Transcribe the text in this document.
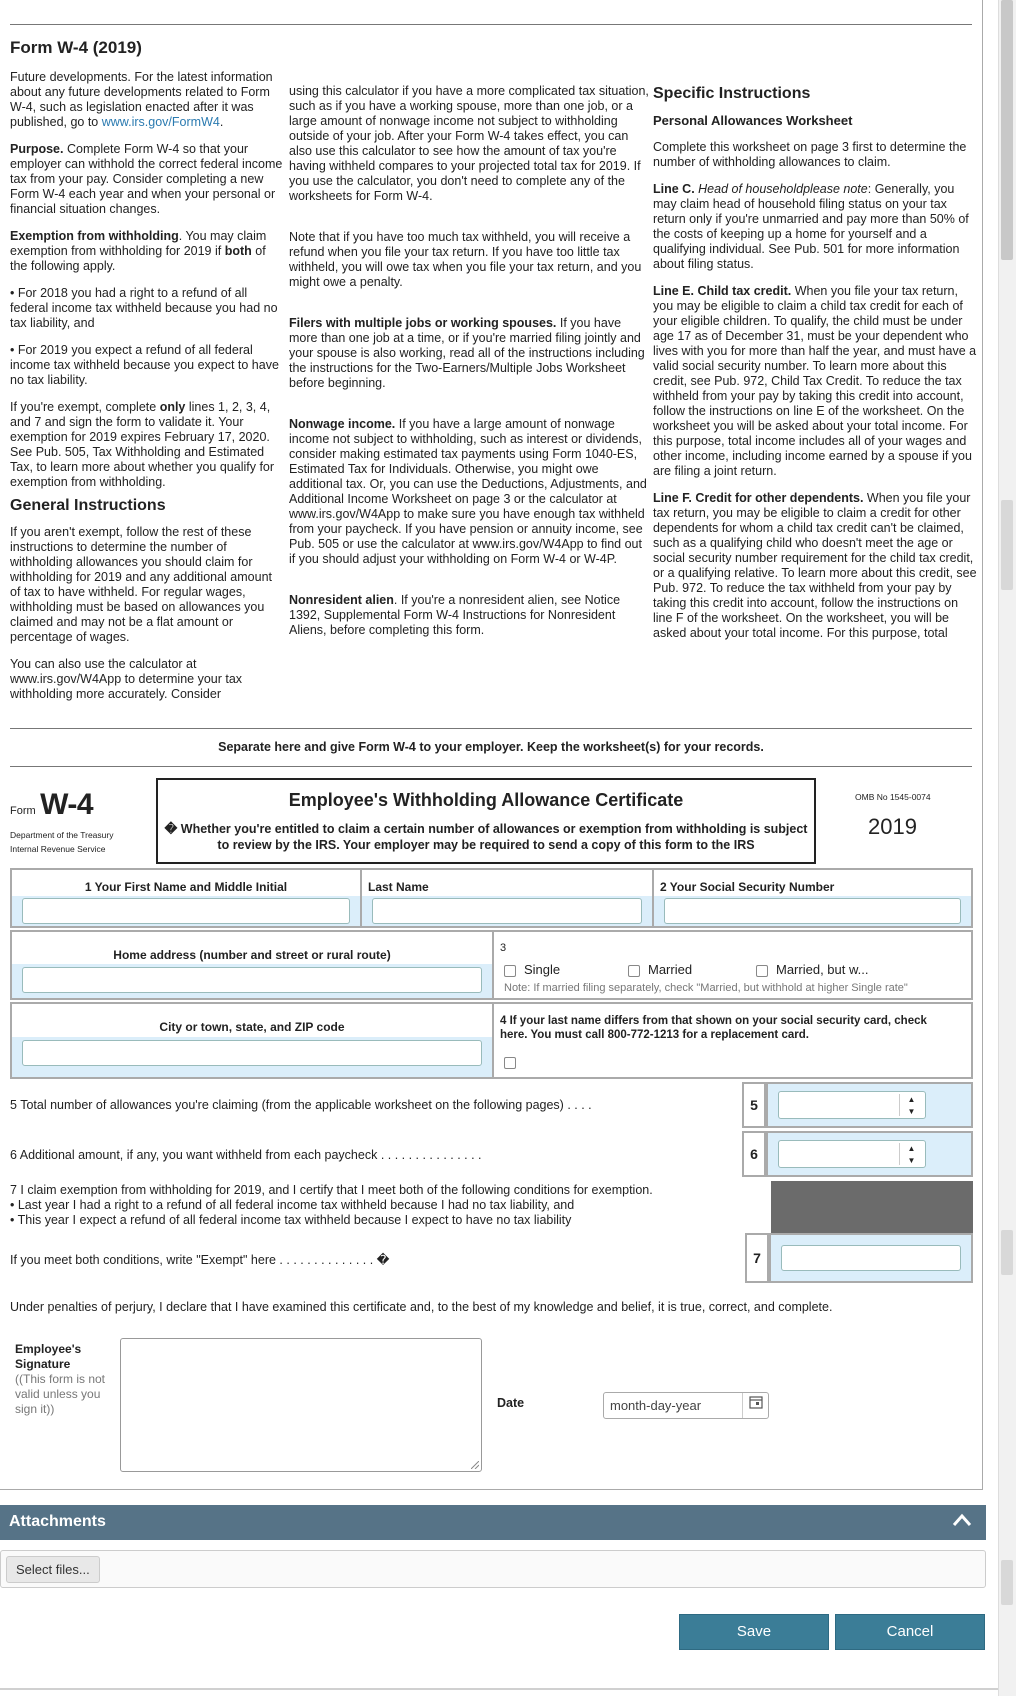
Form W-4 (2019)

Future developments. For the latest information about any future developments related to Form W-4, such as legislation enacted after it was published, go to www.irs.gov/FormW4.

Purpose. Complete Form W-4 so that your employer can withhold the correct federal income tax from your pay. Consider completing a new Form W-4 each year and when your personal or financial situation changes.

Exemption from withholding. You may claim exemption from withholding for 2019 if both of the following apply.

• For 2018 you had a right to a refund of all federal income tax withheld because you had no tax liability, and

• For 2019 you expect a refund of all federal income tax withheld because you expect to have no tax liability.

If you're exempt, complete only lines 1, 2, 3, 4, and 7 and sign the form to validate it. Your exemption for 2019 expires February 17, 2020. See Pub. 505, Tax Withholding and Estimated Tax, to learn more about whether you qualify for exemption from withholding.

General Instructions

If you aren't exempt, follow the rest of these instructions to determine the number of withholding allowances you should claim for withholding for 2019 and any additional amount of tax to have withheld. For regular wages, withholding must be based on allowances you claimed and may not be a flat amount or percentage of wages.

You can also use the calculator at www.irs.gov/W4App to determine your tax withholding more accurately. Consider

using this calculator if you have a more complicated tax situation, such as if you have a working spouse, more than one job, or a large amount of nonwage income not subject to withholding outside of your job. After your Form W-4 takes effect, you can also use this calculator to see how the amount of tax you're having withheld compares to your projected total tax for 2019. If you use the calculator, you don't need to complete any of the worksheets for Form W-4.

Note that if you have too much tax withheld, you will receive a refund when you file your tax return. If you have too little tax withheld, you will owe tax when you file your tax return, and you might owe a penalty.

Filers with multiple jobs or working spouses. If you have more than one job at a time, or if you're married filing jointly and your spouse is also working, read all of the instructions including the instructions for the Two-Earners/Multiple Jobs Worksheet before beginning.

Nonwage income. If you have a large amount of nonwage income not subject to withholding, such as interest or dividends, consider making estimated tax payments using Form 1040-ES, Estimated Tax for Individuals. Otherwise, you might owe additional tax. Or, you can use the Deductions, Adjustments, and Additional Income Worksheet on page 3 or the calculator at www.irs.gov/W4App to make sure you have enough tax withheld from your paycheck. If you have pension or annuity income, see Pub. 505 or use the calculator at www.irs.gov/W4App to find out if you should adjust your withholding on Form W-4 or W-4P.

Nonresident alien. If you're a nonresident alien, see Notice 1392, Supplemental Form W-4 Instructions for Nonresident Aliens, before completing this form.

Specific Instructions
Personal Allowances Worksheet

Complete this worksheet on page 3 first to determine the number of withholding allowances to claim.

Line C. Head of householdplease note: Generally, you may claim head of household filing status on your tax return only if you're unmarried and pay more than 50% of the costs of keeping up a home for yourself and a qualifying individual. See Pub. 501 for more information about filing status.

Line E. Child tax credit. When you file your tax return, you may be eligible to claim a child tax credit for each of your eligible children. To qualify, the child must be under age 17 as of December 31, must be your dependent who lives with you for more than half the year, and must have a valid social security number. To learn more about this credit, see Pub. 972, Child Tax Credit. To reduce the tax withheld from your pay by taking this credit into account, follow the instructions on line E of the worksheet. On the worksheet you will be asked about your total income. For this purpose, total income includes all of your wages and other income, including income earned by a spouse if you are filing a joint return.

Line F. Credit for other dependents. When you file your tax return, you may be eligible to claim a credit for other dependents for whom a child tax credit can't be claimed, such as a qualifying child who doesn't meet the age or social security number requirement for the child tax credit, or a qualifying relative. To learn more about this credit, see Pub. 972. To reduce the tax withheld from your pay by taking this credit into account, follow the instructions on line F of the worksheet. On the worksheet, you will be asked about your total income. For this purpose, total

Separate here and give Form W-4 to your employer. Keep the worksheet(s) for your records.
Form W-4
Department of the Treasury
Internal Revenue Service
Employee's Withholding Allowance Certificate
� Whether you're entitled to claim a certain number of allowances or exemption from withholding is subject to review by the IRS. Your employer may be required to send a copy of this form to the IRS
OMB No 1545-0074
2019
1 Your First Name and Middle Initial	Last Name	2 Your Social Security Number
Home address (number and street or rural route)	3
Single	Married	Married, but w...
Note: If married filing separately, check "Married, but withhold at higher Single rate"
City or town, state, and ZIP code	4 If your last name differs from that shown on your social security card, check here. You must call 800-772-1213 for a replacement card.
5 Total number of allowances you're claiming (from the applicable worksheet on the following pages) . . . .	5	▲
▼
6 Additional amount, if any, you want withheld from each paycheck . . . . . . . . . . . . . . .	6	▲
▼
7 I claim exemption from withholding for 2019, and I certify that I meet both of the following conditions for exemption.
• Last year I had a right to a refund of all federal income tax withheld because I had no tax liability, and
• This year I expect a refund of all federal income tax withheld because I expect to have no tax liability
If you meet both conditions, write "Exempt" here . . . . . . . . . . . . . . �	7
Under penalties of perjury, I declare that I have examined this certificate and, to the best of my knowledge and belief, it is true, correct, and complete.
Employee's Signature
((This form is not valid unless you sign it))	Date	month-day-year
Attachments
Select files...
Save	Cancel
